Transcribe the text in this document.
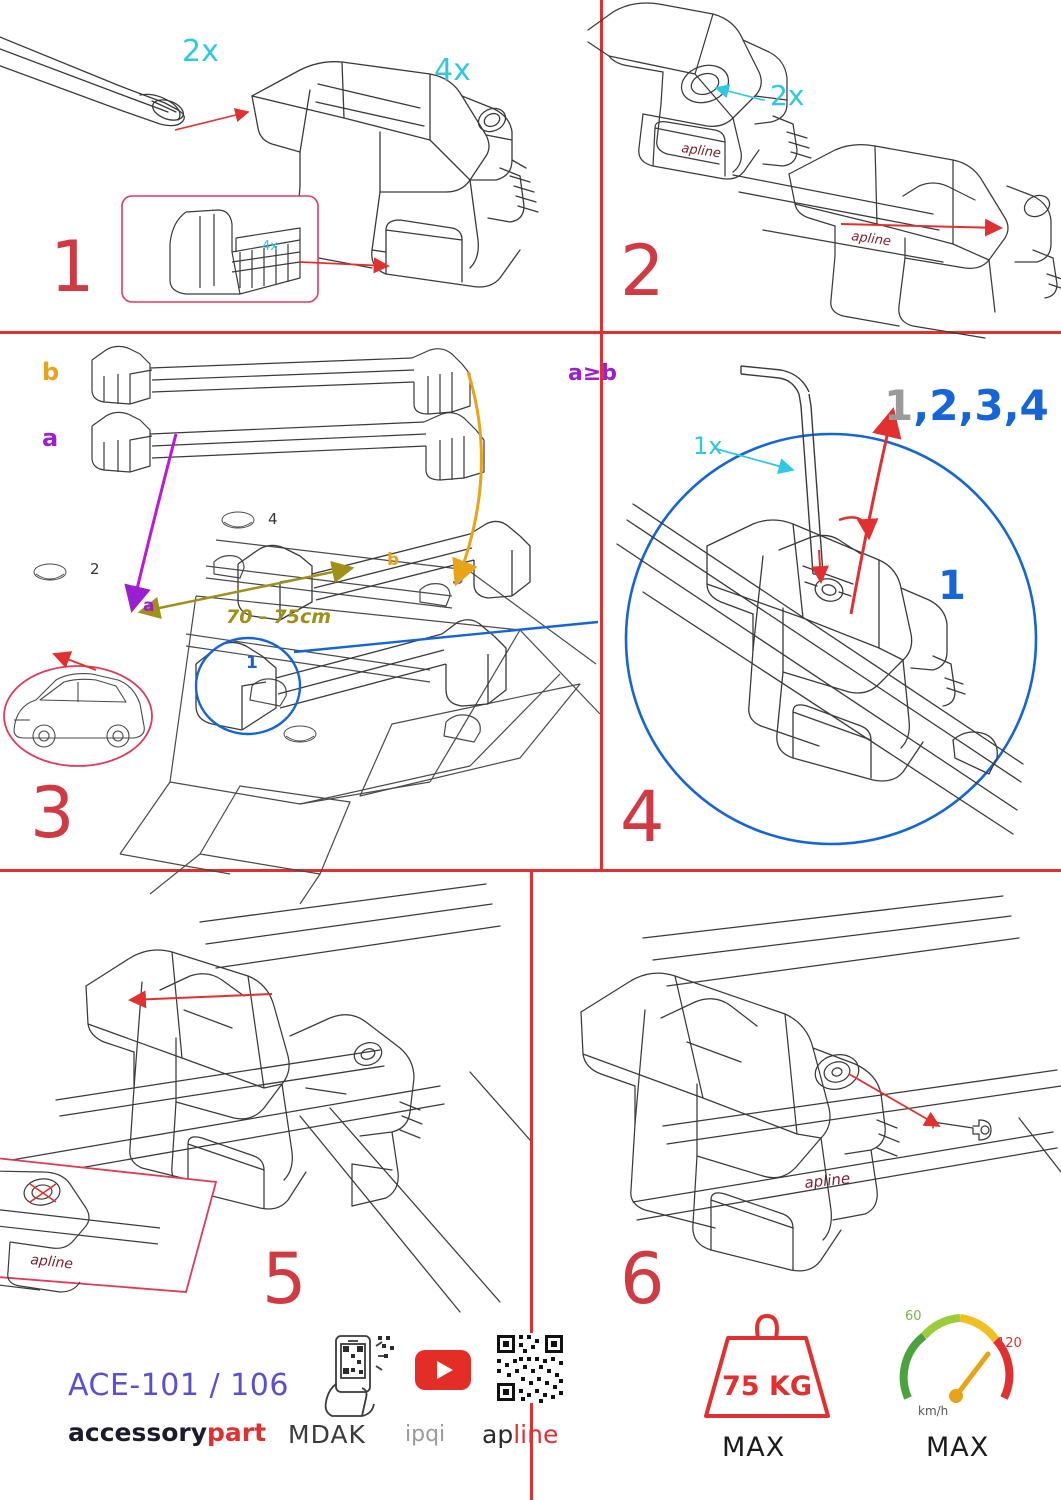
4x
2x
4x
1
apline
apline
2x
2
2
4
3
1
b
a
a
b
70 - 75cm
3
a≥b
1x
1
1,2,3,4
4
apline	5
apline
6
ACE-101 / 106
accessorypart MDAK ipqi apline
75 KG
MAX
60
120
km/h
MAX
